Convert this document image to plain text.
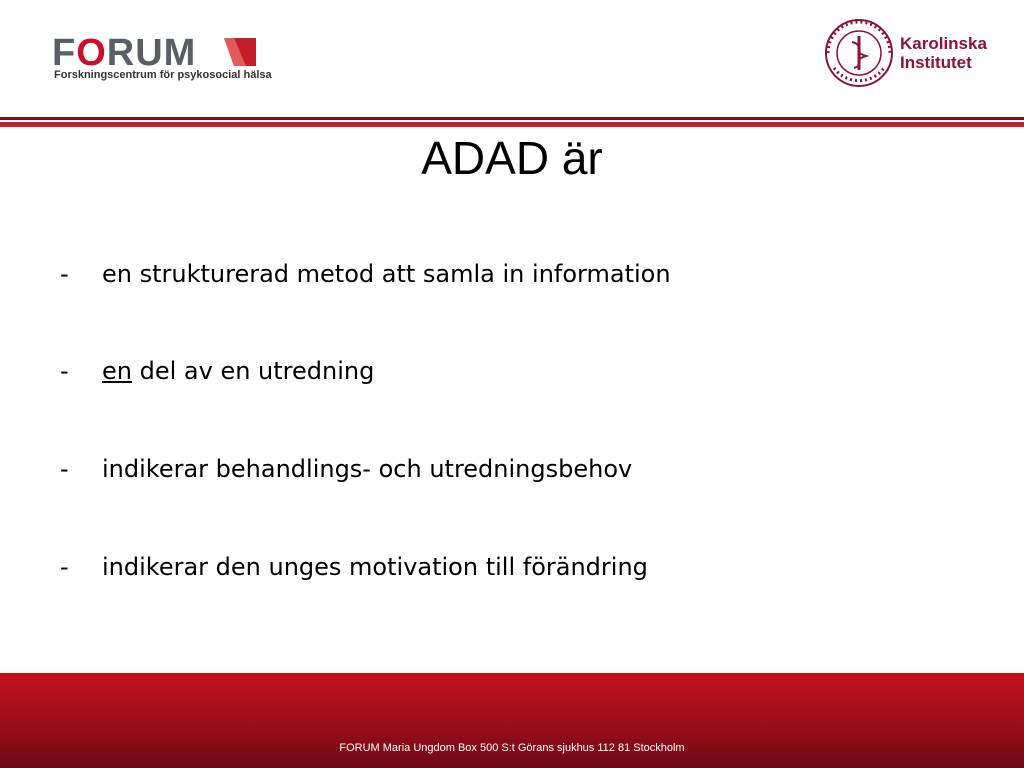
FORUM
Forskningscentrum för psykosocial hälsa
Karolinska
Institutet
ADAD är
- en strukturerad metod att samla in information
- en del av en utredning
- indikerar behandlings- och utredningsbehov
- indikerar den unges motivation till förändring
FORUM Maria Ungdom Box 500 S:t Görans sjukhus 112 81 Stockholm
